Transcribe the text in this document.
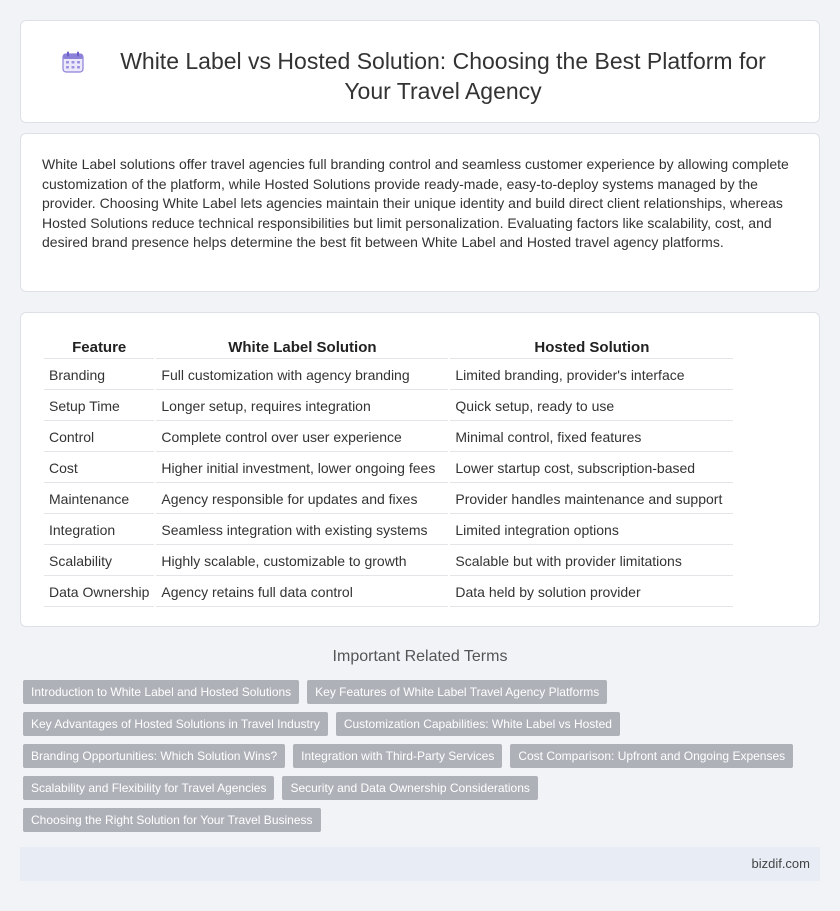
White Label vs Hosted Solution: Choosing the Best Platform for Your Travel Agency

White Label solutions offer travel agencies full branding control and seamless customer experience by allowing complete customization of the platform, while Hosted Solutions provide ready-made, easy-to-deploy systems managed by the provider. Choosing White Label lets agencies maintain their unique identity and build direct client relationships, whereas Hosted Solutions reduce technical responsibilities but limit personalization. Evaluating factors like scalability, cost, and desired brand presence helps determine the best fit between White Label and Hosted travel agency platforms.

Feature	White Label Solution	Hosted Solution
Branding	Full customization with agency branding	Limited branding, provider's interface
Setup Time	Longer setup, requires integration	Quick setup, ready to use
Control	Complete control over user experience	Minimal control, fixed features
Cost	Higher initial investment, lower ongoing fees	Lower startup cost, subscription-based
Maintenance	Agency responsible for updates and fixes	Provider handles maintenance and support
Integration	Seamless integration with existing systems	Limited integration options
Scalability	Highly scalable, customizable to growth	Scalable but with provider limitations
Data Ownership	Agency retains full data control	Data held by solution provider
Important Related Terms
Introduction to White Label and Hosted Solutions	Key Features of White Label Travel Agency Platforms
Key Advantages of Hosted Solutions in Travel Industry	Customization Capabilities: White Label vs Hosted
Branding Opportunities: Which Solution Wins?	Integration with Third-Party Services	Cost Comparison: Upfront and Ongoing Expenses
Scalability and Flexibility for Travel Agencies	Security and Data Ownership Considerations
Choosing the Right Solution for Your Travel Business
bizdif.com
